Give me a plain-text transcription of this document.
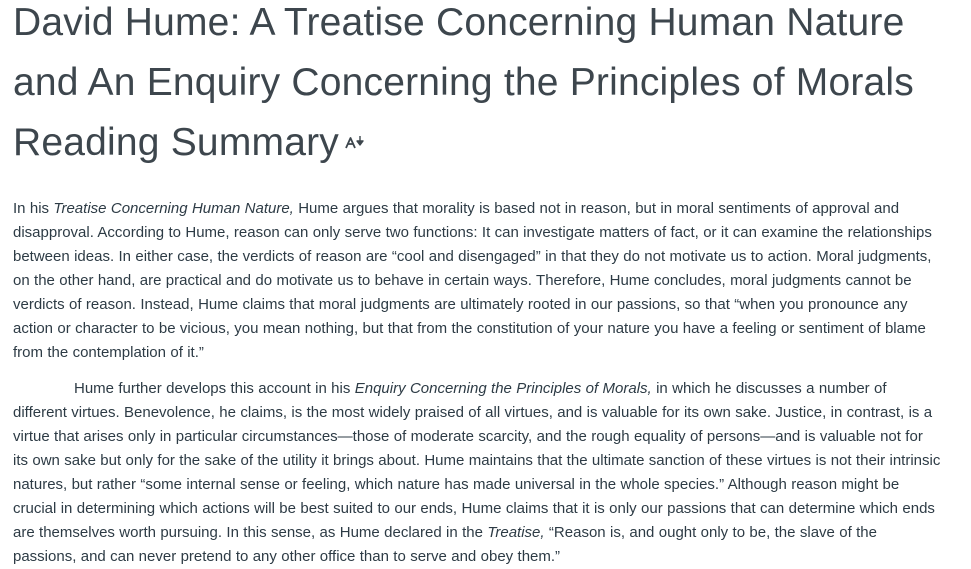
David Hume: A Treatise Concerning Human Nature
and An Enquiry Concerning the Principles of Morals
Reading Summary

In his Treatise Concerning Human Nature, Hume argues that morality is based not in reason, but in moral sentiments of approval and disapproval. According to Hume, reason can only serve two functions: It can investigate matters of fact, or it can examine the relationships between ideas. In either case, the verdicts of reason are “cool and disengaged” in that they do not motivate us to action. Moral judgments, on the other hand, are practical and do motivate us to behave in certain ways. Therefore, Hume concludes, moral judgments cannot be verdicts of reason. Instead, Hume claims that moral judgments are ultimately rooted in our passions, so that “when you pronounce any action or character to be vicious, you mean nothing, but that from the constitution of your nature you have a feeling or sentiment of blame from the contemplation of it.”

Hume further develops this account in his Enquiry Concerning the Principles of Morals, in which he discusses a number of different virtues. Benevolence, he claims, is the most widely praised of all virtues, and is valuable for its own sake. Justice, in contrast, is a virtue that arises only in particular circumstances—those of moderate scarcity, and the rough equality of persons—and is valuable not for its own sake but only for the sake of the utility it brings about. Hume maintains that the ultimate sanction of these virtues is not their intrinsic natures, but rather “some internal sense or feeling, which nature has made universal in the whole species.” Although reason might be crucial in determining which actions will be best suited to our ends, Hume claims that it is only our passions that can determine which ends are themselves worth pursuing. In this sense, as Hume declared in the Treatise, “Reason is, and ought only to be, the slave of the passions, and can never pretend to any other office than to serve and obey them.”
